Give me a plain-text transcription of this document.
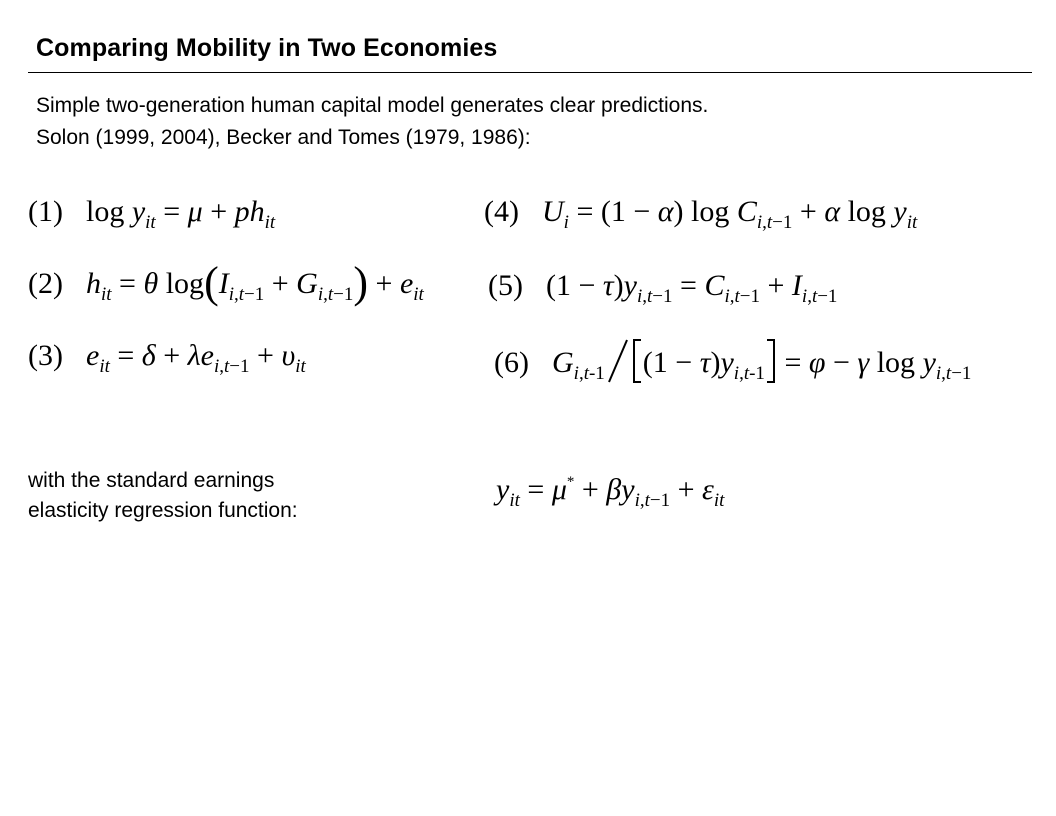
Comparing Mobility in Two Economies
Simple two-generation human capital model generates clear predictions.
Solon (1999, 2004), Becker and Tomes (1979, 1986):
(1) $\log y_{it} = \mu + ph_{it}$
(2) $h_{it} = \theta$ $\log(I_{i,t-1} + G_{i,t-1}) + e_{it}$
(3) $e_{it} = \delta + \lambda e_{i,t-1} + \upsilon_{it}$
(4) $U_i = (1 - \alpha)$ $\log C_{i,t-1} + \alpha$ $\log y_{it}$
(5) $(1 - \tau)y_{i,t-1} = C_{i,t-1} + I_{i,t-1}$
(6) $G_{i,t-1}$ $(1 - \tau)y_{i,t-1} = \varphi - \gamma$ $\log y_{i,t-1}$
with the standard earnings
elasticity regression function:
$y_{it} = \mu^* + \beta y_{i,t-1} + \varepsilon_{it}$
